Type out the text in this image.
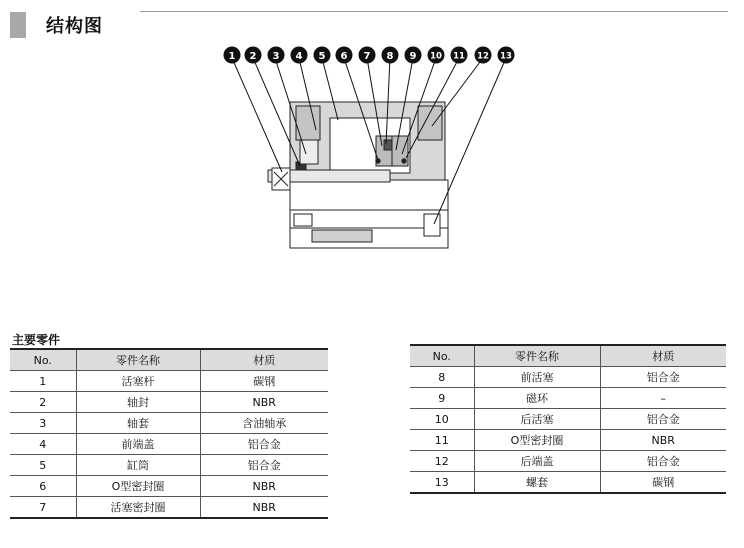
结构图
1 2 3 4 5 6 7 8 9 10 11 12 13
主要零件
No.	零件名称	材质
1	活塞杆	碳钢
2	轴封	NBR
3	轴套	含油轴承
4	前端盖	铝合金
5	缸筒	铝合金
6	O型密封圈	NBR
7	活塞密封圈	NBR
No.	零件名称	材质
8	前活塞	铝合金
9	磁环	–
10	后活塞	铝合金
11	O型密封圈	NBR
12	后端盖	铝合金
13	螺套	碳钢
